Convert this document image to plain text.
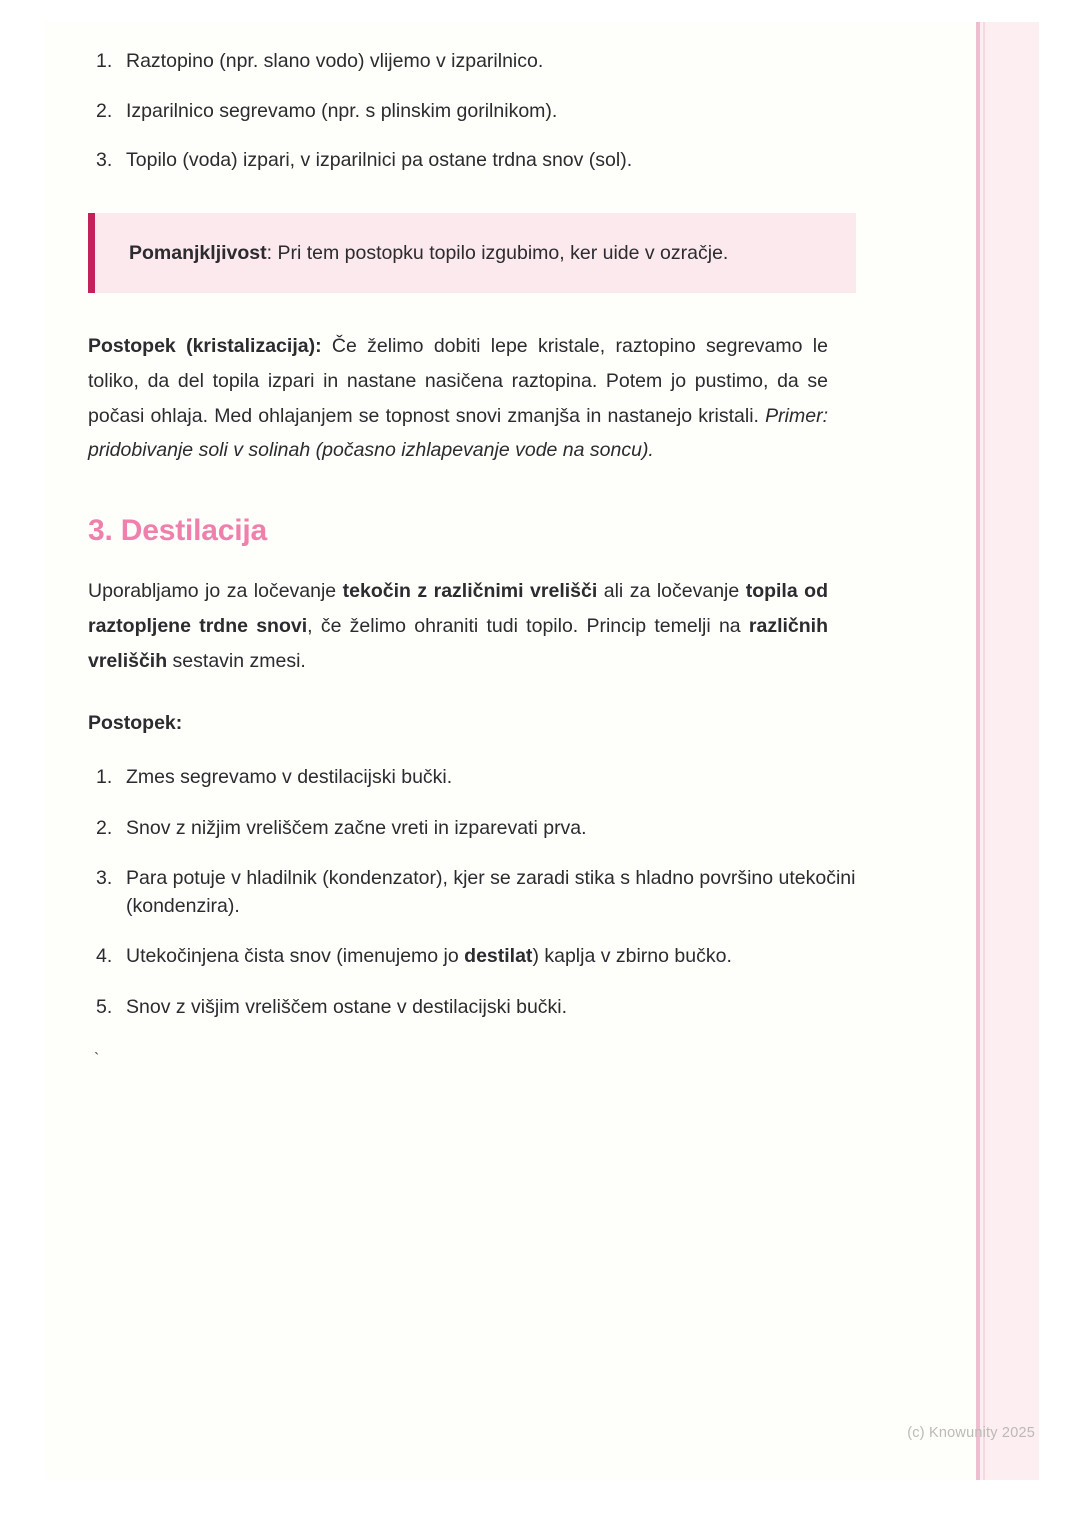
1. Raztopino (npr. slano vodo) vlijemo v izparilnico.
2. Izparilnico segrevamo (npr. s plinskim gorilnikom).
3. Topilo (voda) izpari, v izparilnici pa ostane trdna snov (sol).
Pomanjkljivost: Pri tem postopku topilo izgubimo, ker uide v ozračje.
Postopek (kristalizacija): Če želimo dobiti lepe kristale, raztopino segrevamo le toliko, da del topila izpari in nastane nasičena raztopina. Potem jo pustimo, da se počasi ohlaja. Med ohlajanjem se topnost snovi zmanjša in nastanejo kristali. Primer: pridobivanje soli v solinah (počasno izhlapevanje vode na soncu).
3. Destilacija
Uporabljamo jo za ločevanje tekočin z različnimi vrelišči ali za ločevanje topila od raztopljene trdne snovi, če želimo ohraniti tudi topilo. Princip temelji na različnih vreliščih sestavin zmesi.
Postopek:
1. Zmes segrevamo v destilacijski bučki.
2. Snov z nižjim vreliščem začne vreti in izparevati prva.
3. Para potuje v hladilnik (kondenzator), kjer se zaradi stika s hladno površino utekočini (kondenzira).
4. Utekočinjena čista snov (imenujemo jo destilat) kaplja v zbirno bučko.
5. Snov z višjim vreliščem ostane v destilacijski bučki.
`
(c) Knowunity 2025
